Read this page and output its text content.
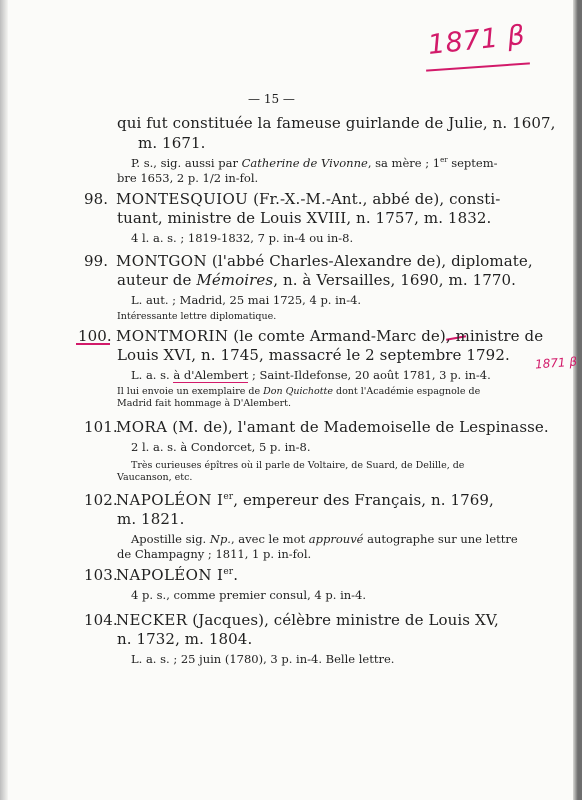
1871 β
1871 β
— 15 —
qui fut constituée la fameuse guirlande de Julie, n. 1607,
m. 1671.
P. s., sig. aussi par Catherine de Vivonne, sa mère ; 1er septem-
bre 1653, 2 p. 1/2 in-fol.
98. MONTESQUIOU (Fr.-X.-M.-Ant., abbé de), consti-
tuant, ministre de Louis XVIII, n. 1757, m. 1832.
4 l. a. s. ; 1819-1832, 7 p. in-4 ou in-8.
99. MONTGON (l'abbé Charles-Alexandre de), diplomate,
auteur de Mémoires, n. à Versailles, 1690, m. 1770.
L. aut. ; Madrid, 25 mai 1725, 4 p. in-4.
Intéressante lettre diplomatique.
100. MONTMORIN (le comte Armand-Marc de), ministre de
Louis XVI, n. 1745, massacré le 2 septembre 1792.
L. a. s. à d'Alembert ; Saint-Ildefonse, 20 août 1781, 3 p. in-4.
Il lui envoie un exemplaire de Don Quichotte dont l'Académie espagnole de
Madrid fait hommage à D'Alembert.
101.MORA (M. de), l'amant de Mademoiselle de Lespinasse.
2 l. a. s. à Condorcet, 5 p. in-8.
Très curieuses épîtres où il parle de Voltaire, de Suard, de Delille, de
Vaucanson, etc.
102.NAPOLÉON Ier, empereur des Français, n. 1769,
m. 1821.
Apostille sig. Np., avec le mot approuvé autographe sur une lettre
de Champagny ; 1811, 1 p. in-fol.
103.NAPOLÉON Ier.
4 p. s., comme premier consul, 4 p. in-4.
104.NECKER (Jacques), célèbre ministre de Louis XV,
n. 1732, m. 1804.
L. a. s. ; 25 juin (1780), 3 p. in-4. Belle lettre.
